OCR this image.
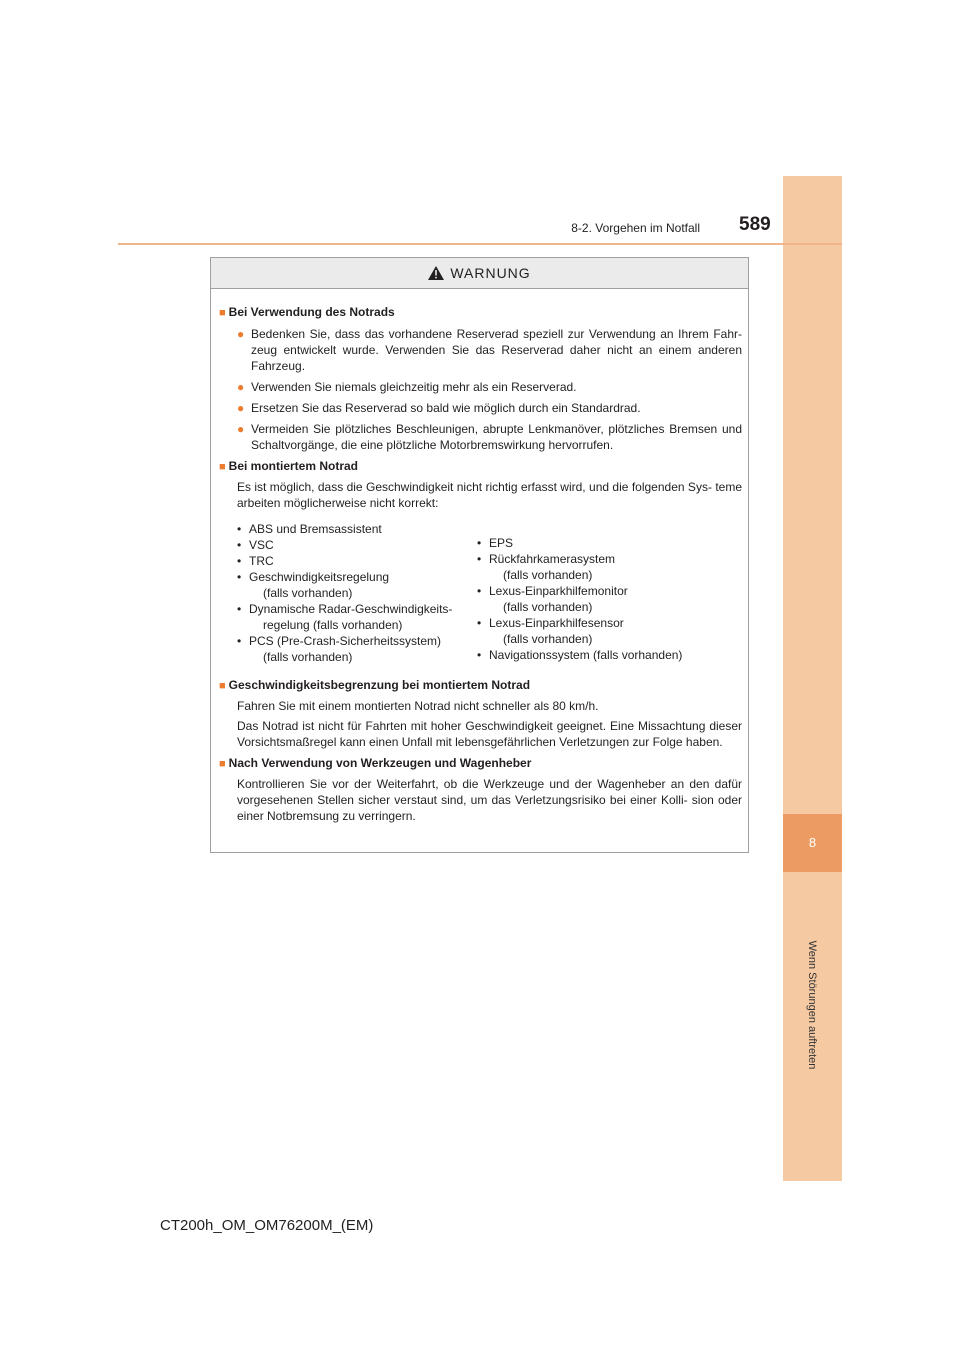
8
Wenn Störungen auftreten
8-2. Vorgehen im Notfall 589
WARNUNG
■ Bei Verwendung des Notrads
● Bedenken Sie, dass das vorhandene Reserverad speziell zur Verwendung an Ihrem Fahr- zeug entwickelt wurde. Verwenden Sie das Reserverad daher nicht an einem anderen Fahrzeug.
● Verwenden Sie niemals gleichzeitig mehr als ein Reserverad.
● Ersetzen Sie das Reserverad so bald wie möglich durch ein Standardrad.
● Vermeiden Sie plötzliches Beschleunigen, abrupte Lenkmanöver, plötzliches Bremsen und Schaltvorgänge, die eine plötzliche Motorbremswirkung hervorrufen.
■ Bei montiertem Notrad
Es ist möglich, dass die Geschwindigkeit nicht richtig erfasst wird, und die folgenden Sys- teme arbeiten möglicherweise nicht korrekt:
• ABS und Bremsassistent
• VSC
• TRC
• Geschwindigkeitsregelung
(falls vorhanden)
• Dynamische Radar-Geschwindigkeits-
regelung (falls vorhanden)
• PCS (Pre-Crash-Sicherheitssystem)
(falls vorhanden)
• EPS
• Rückfahrkamerasystem
(falls vorhanden)
• Lexus-Einparkhilfemonitor
(falls vorhanden)
• Lexus-Einparkhilfesensor
(falls vorhanden)
• Navigationssystem (falls vorhanden)
■ Geschwindigkeitsbegrenzung bei montiertem Notrad
Fahren Sie mit einem montierten Notrad nicht schneller als 80 km/h.
Das Notrad ist nicht für Fahrten mit hoher Geschwindigkeit geeignet. Eine Missachtung dieser Vorsichtsmaßregel kann einen Unfall mit lebensgefährlichen Verletzungen zur Folge haben.
■ Nach Verwendung von Werkzeugen und Wagenheber
Kontrollieren Sie vor der Weiterfahrt, ob die Werkzeuge und der Wagenheber an den dafür vorgesehenen Stellen sicher verstaut sind, um das Verletzungsrisiko bei einer Kolli- sion oder einer Notbremsung zu verringern.
CT200h_OM_OM76200M_(EM)
